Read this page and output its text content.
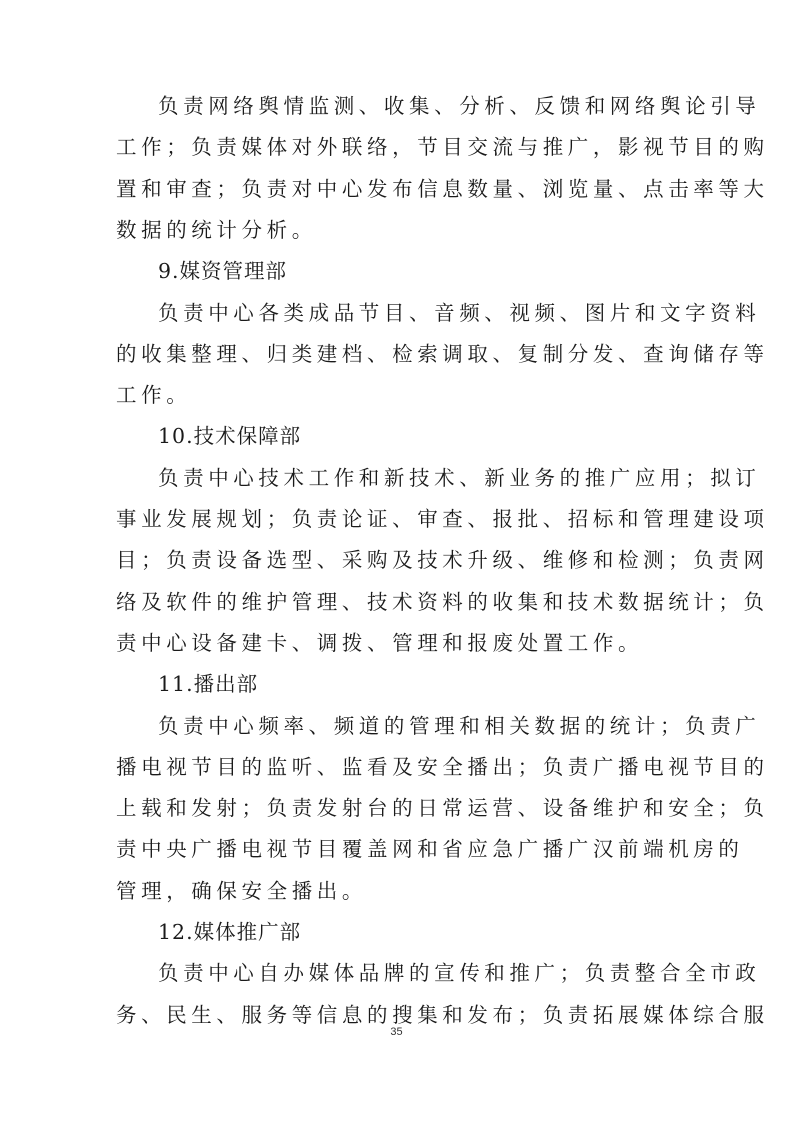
负责网络舆情监测、收集、分析、反馈和网络舆论引导
工作；负责媒体对外联络，节目交流与推广，影视节目的购
置和审查；负责对中心发布信息数量、浏览量、点击率等大
数据的统计分析。
9.媒资管理部
负责中心各类成品节目、音频、视频、图片和文字资料
的收集整理、归类建档、检索调取、复制分发、查询储存等
工作。
10.技术保障部
负责中心技术工作和新技术、新业务的推广应用；拟订
事业发展规划；负责论证、审查、报批、招标和管理建设项
目；负责设备选型、采购及技术升级、维修和检测；负责网
络及软件的维护管理、技术资料的收集和技术数据统计；负
责中心设备建卡、调拨、管理和报废处置工作。
11.播出部
负责中心频率、频道的管理和相关数据的统计；负责广
播电视节目的监听、监看及安全播出；负责广播电视节目的
上载和发射；负责发射台的日常运营、设备维护和安全；负
责中央广播电视节目覆盖网和省应急广播广汉前端机房的
管理，确保安全播出。
12.媒体推广部
负责中心自办媒体品牌的宣传和推广；负责整合全市政
35
务、民生、服务等信息的搜集和发布；负责拓展媒体综合服
